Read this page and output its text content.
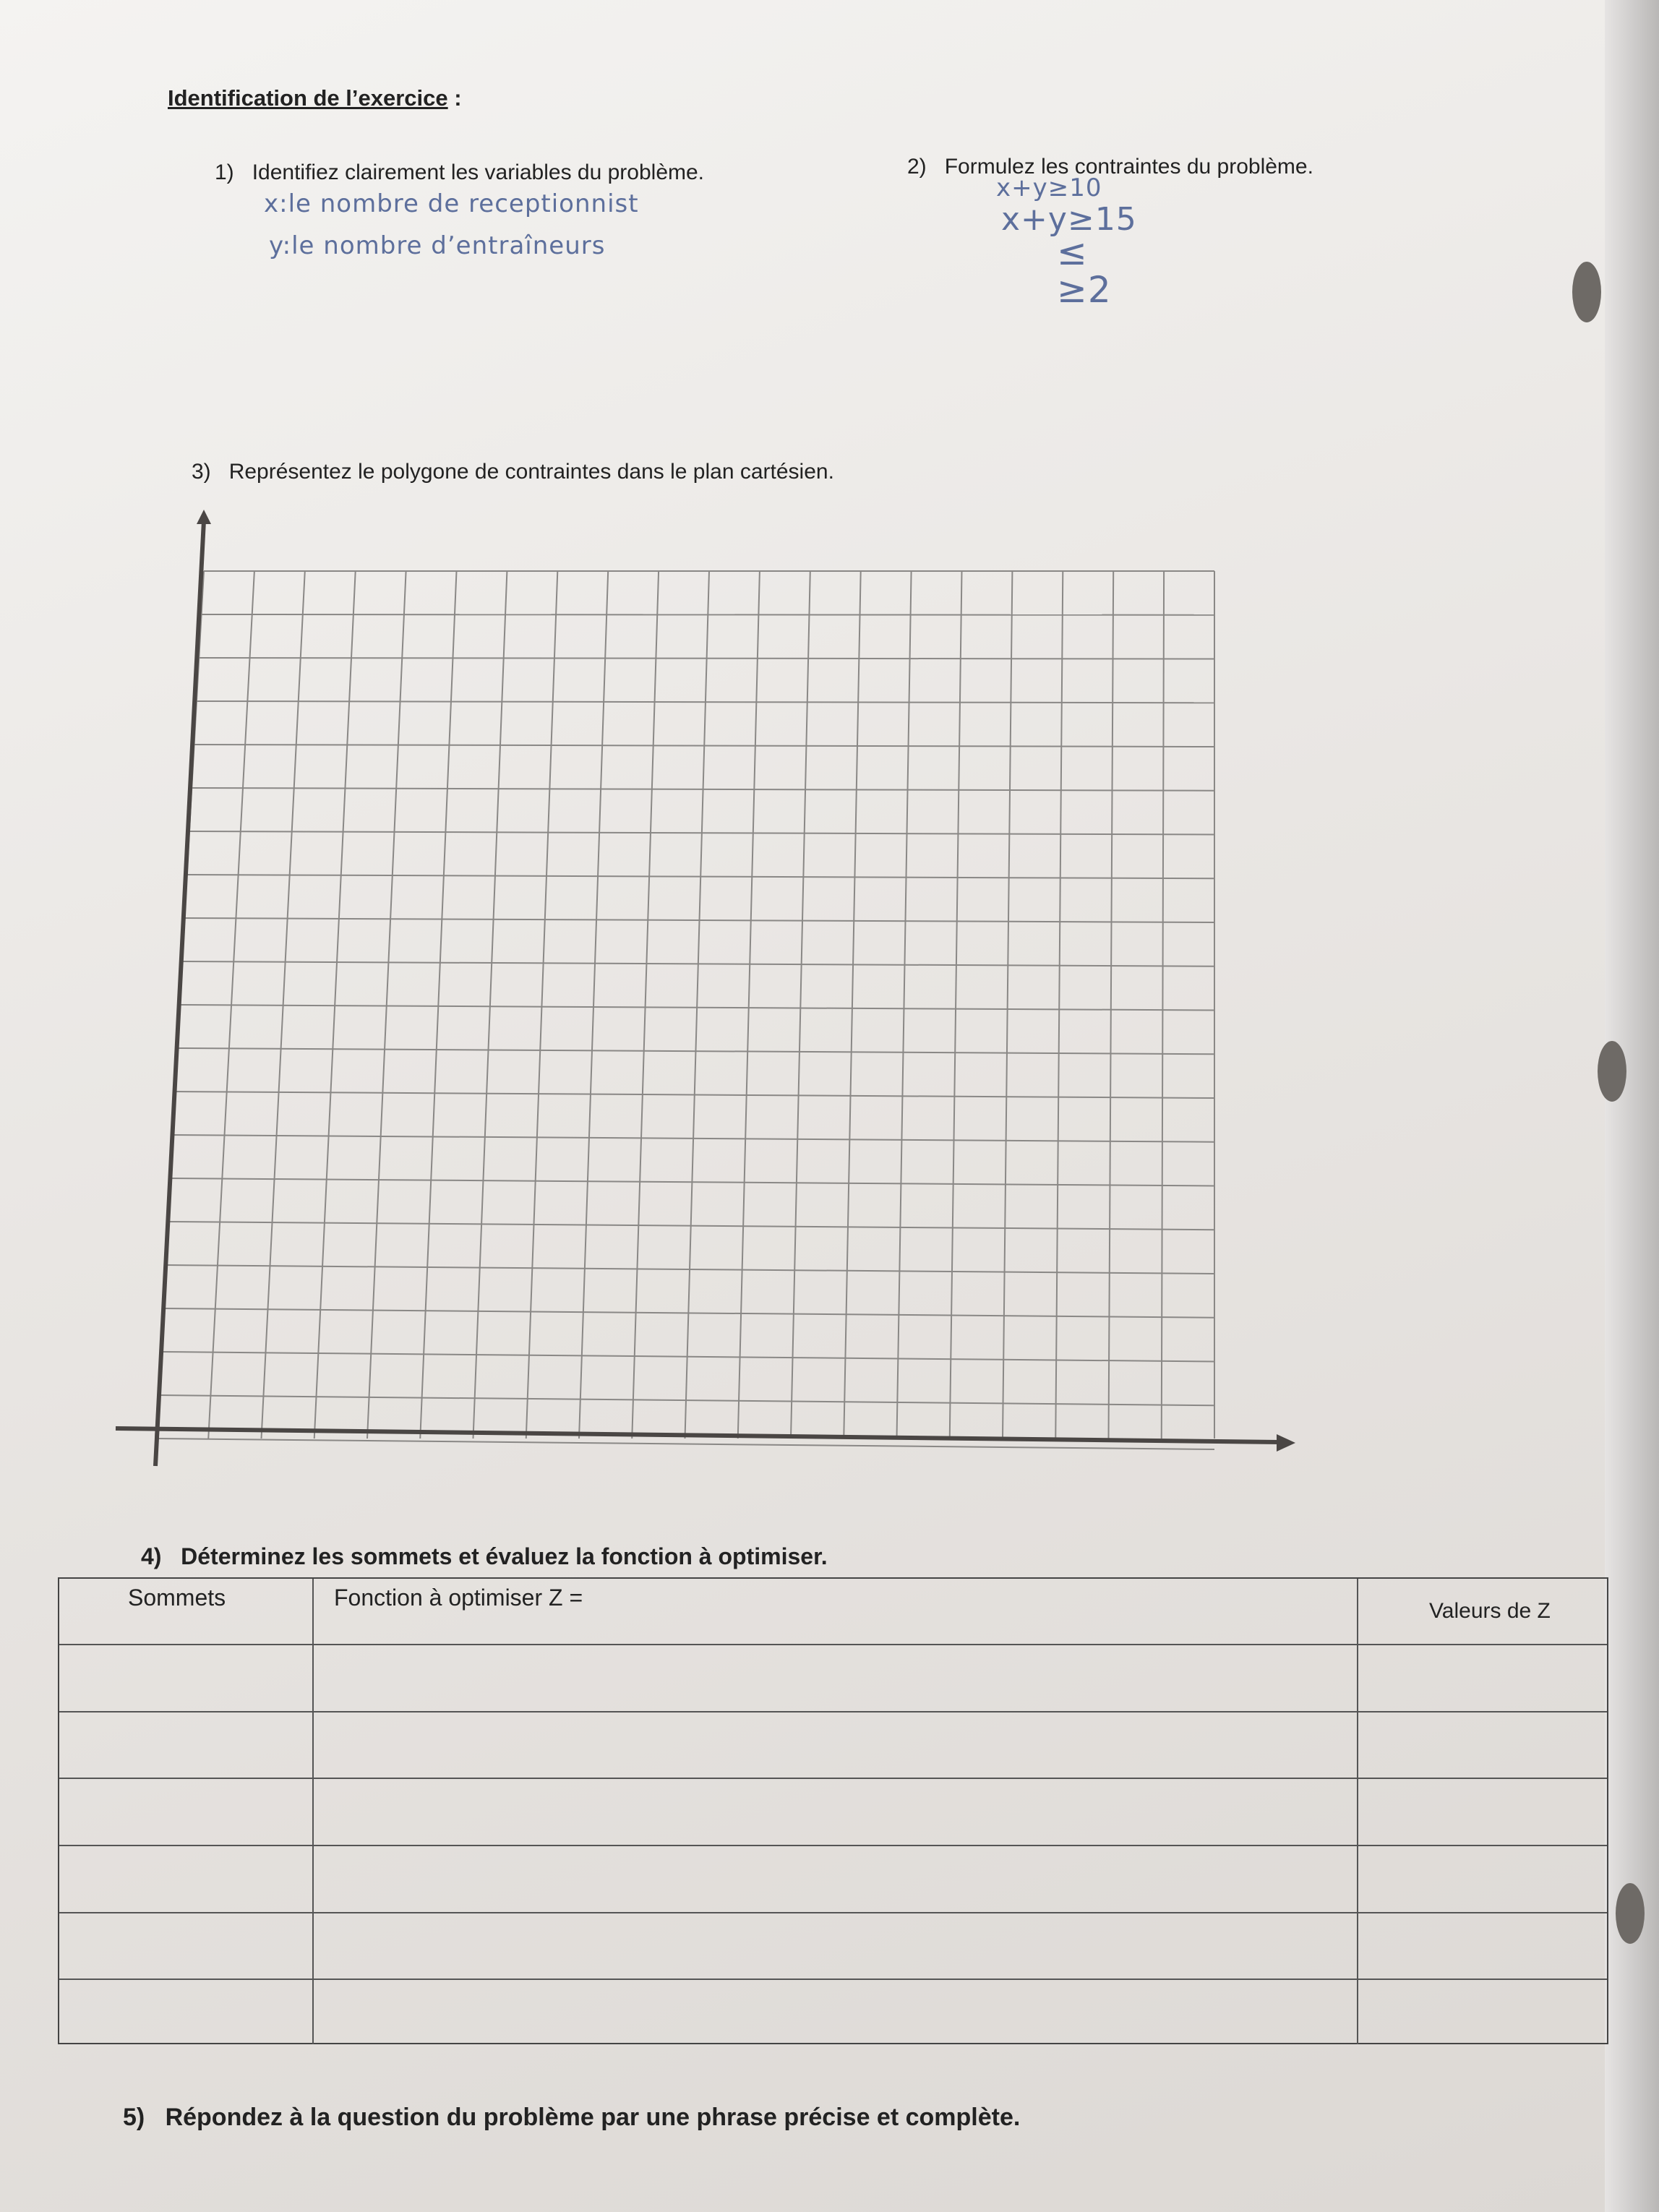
Identification de l’exercice :
1) Identifiez clairement les variables du problème.
x:le nombre de receptionnist
y:le nombre d’entraîneurs
2) Formulez les contraintes du problème.
x+y≥10
x+y≥15
≤
≥2
3) Représentez le polygone de contraintes dans le plan cartésien.
4) Déterminez les sommets et évaluez la fonction à optimiser.
Sommets	Fonction à optimiser Z =
Valeurs de Z
5) Répondez à la question du problème par une phrase précise et complète.
